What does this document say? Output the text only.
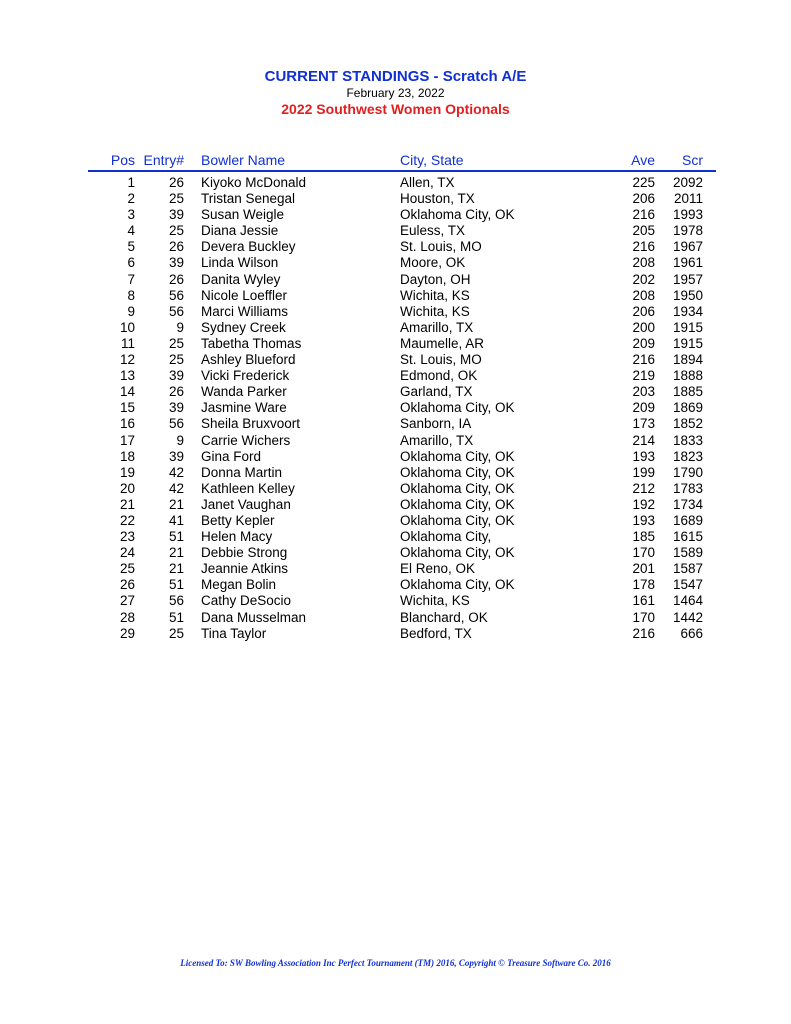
CURRENT STANDINGS - Scratch A/E
February 23, 2022
2022 Southwest Women Optionals
Pos Entry# Bowler Name	City, State	Ave Scr
1	26 Kiyoko McDonald	Allen, TX	225 2092
2	25 Tristan Senegal	Houston, TX	206 2011
3	39 Susan Weigle	Oklahoma City, OK	216 1993
4	25 Diana Jessie	Euless, TX	205 1978
5	26 Devera Buckley	St. Louis, MO	216 1967
6	39 Linda Wilson	Moore, OK	208 1961
7	26 Danita Wyley	Dayton, OH	202 1957
8	56 Nicole Loeffler	Wichita, KS	208 1950
9	56 Marci Williams	Wichita, KS	206 1934
10	9 Sydney Creek	Amarillo, TX	200 1915
11	25 Tabetha Thomas	Maumelle, AR	209 1915
12	25 Ashley Blueford	St. Louis, MO	216 1894
13	39 Vicki Frederick	Edmond, OK	219 1888
14	26 Wanda Parker	Garland, TX	203 1885
15	39 Jasmine Ware	Oklahoma City, OK	209 1869
16	56 Sheila Bruxvoort	Sanborn, IA	173 1852
17	9 Carrie Wichers	Amarillo, TX	214 1833
18	39 Gina Ford	Oklahoma City, OK	193 1823
19	42 Donna Martin	Oklahoma City, OK	199 1790
20	42 Kathleen Kelley	Oklahoma City, OK	212 1783
21	21 Janet Vaughan	Oklahoma City, OK	192 1734
22	41 Betty Kepler	Oklahoma City, OK	193 1689
23	51 Helen Macy	Oklahoma City,	185 1615
24	21 Debbie Strong	Oklahoma City, OK	170 1589
25	21 Jeannie Atkins	El Reno, OK	201 1587
26	51 Megan Bolin	Oklahoma City, OK	178 1547
27	56 Cathy DeSocio	Wichita, KS	161 1464
28	51 Dana Musselman	Blanchard, OK	170 1442
29	25 Tina Taylor	Bedford, TX	216 666
Licensed To: SW Bowling Association Inc Perfect Tournament (TM) 2016, Copyright © Treasure Software Co. 2016
